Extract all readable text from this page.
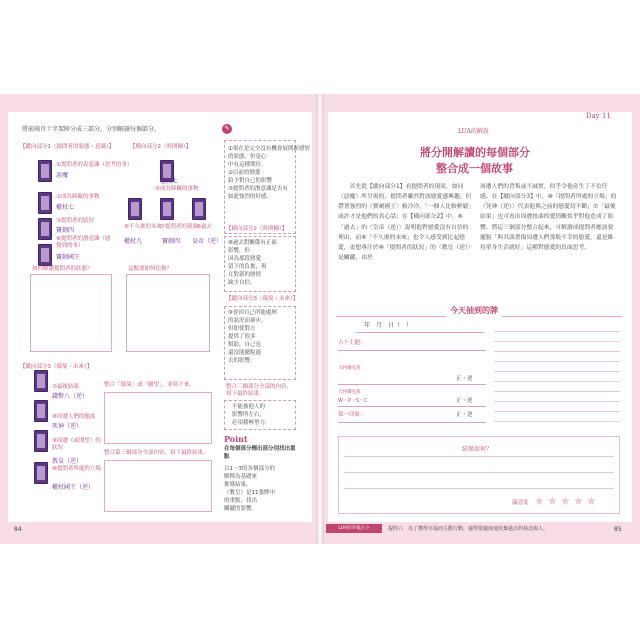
將前兩頁十字架陣分成三部分，分別解讀每個部分。
【縱向部分1（提問者的狀態・意識）】	【橫向部分2（時間軸）】
①提問者的表意識（思考的事）
惡魔
②成為障礙的事物
權杖七
③提問者的狀況
寶劍四
④提問者的潛意識（感覺到的事）
寶劍國王
⑤成為障礙的事物
權杖七
⑥不久後的未來
權杖九
⑦提問者的現狀
寶劍四
⑧過去
皇帝（逆）
如何解讀提問者的狀態？	這點要如何比較？
【縱向部分3（環境・未來）】
⑦最後結果
錢幣八（逆）
⑧周遭人們的態度
死神（逆）
⑨周遭（或期望）的狀況
教皇（逆）
⑩提問者所處的立場
權杖國王（逆）
整合「環境」或「願望」，並寫下來。
整合第三個部分全部內容，寫下最終結果。
✎
①現在是完全沒有機會展開新戀情
的狀態，但是心
中有這種期待。
②以前的戀愛
給予對自己的影響
③提問者的潛意識是否有
如此強烈的好感。
【橫向部分2（時間軸）】
⑧過去對關係有正面
影響，但
因為那段戀愛
留下的負擔，現
在對新的戀情
缺少自信。
【縱向部分3（環境・未來）】
⑨會因自己所能處理
的狀況而卻步，
但即使對方
提供了很多
幫助，自己也
還沒能擺脫過
去的影響。
整合三個部分全部的內容，寫下最終結果。
不能被他人的
影響所左右，
必須積極努力。
Point
在每個部分標出部分別找出重點
以1～3的各個部分的
解釋為基礎來
推導結果，
（教皇）是11張牌中
的重點，找出
關鍵的影響。
84
Day 11
LUA的解說
將分開解讀的每個部分
整合成一個故事
首先從【縱向部分1】看提問者的現狀，如同〈惡魔〉所呈現的，提問者雖然對該戀愛感興趣，但帶著強烈的〈寶劍國王〉較冷冷，「一個人比較輕鬆」或許才是他們的真心話；在【橫向部分2】中，⑧「過去」的〈皇帝（逆）〉說明他對戀愛沒有自信的理由，而⑥「不久後的未來」也令人感受到比起戀愛，更想專注於⑩「提問者的狀況」的〈教皇（逆）〉是關鍵，由於
周遭人們的背叛或不誠實，似乎令他產生了不信任感。在【縱向部分3】中，⑩「提問者所處的立場」的〈死神（逆）〉代表他與之前的戀愛切不斷；⑦「最後結果」也可看出周遭扭曲的愛情觀似乎對他造成了影響。將這三個部分整合起來，可解讀成提問者應該要擺脫「與其談著傷周遭人們那般不幸的戀愛，還是維持單身生活就好」這種對戀愛的負面思考。
今天抽到的牌
年　月　日（　）
占卜主題：
大阿爾克那
正・逆
大阿爾克那
正・逆
W・P・S・C
正・逆
第一印象：
結果如何？
滿意度 ★ ★ ★ ★ ★
LUA的幸福占卜	提問六　為了獲得幸福而主動行動，還得要適度地放棄過去的執念與人。	85
